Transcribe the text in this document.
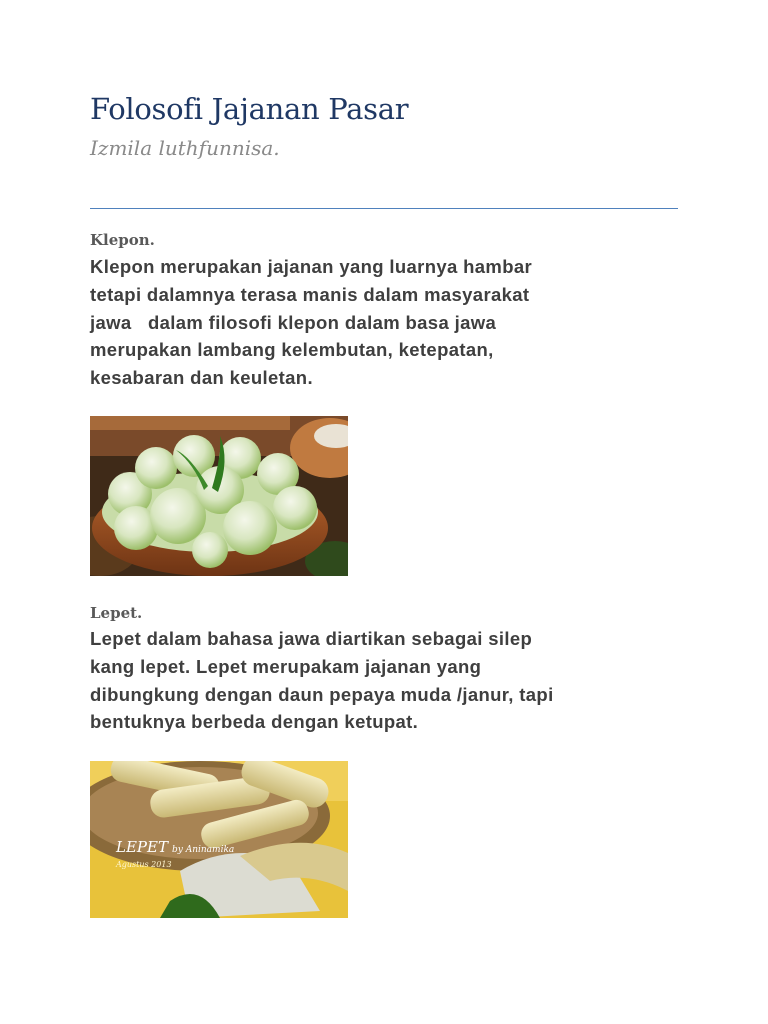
Folosofi Jajanan Pasar
Izmila luthfunnisa.
Klepon.
Klepon merupakan jajanan yang luarnya hambar
tetapi dalamnya terasa manis dalam masyarakat
jawa   dalam filosofi klepon dalam basa jawa
merupakan lambang kelembutan, ketepatan,
kesabaran dan keuletan.
Lepet.
Lepet dalam bahasa jawa diartikan sebagai silep
kang lepet. Lepet merupakam jajanan yang
dibungkung dengan daun pepaya muda /janur, tapi
bentuknya berbeda dengan ketupat.
LEPET by Aninamika
Agustus 2013
